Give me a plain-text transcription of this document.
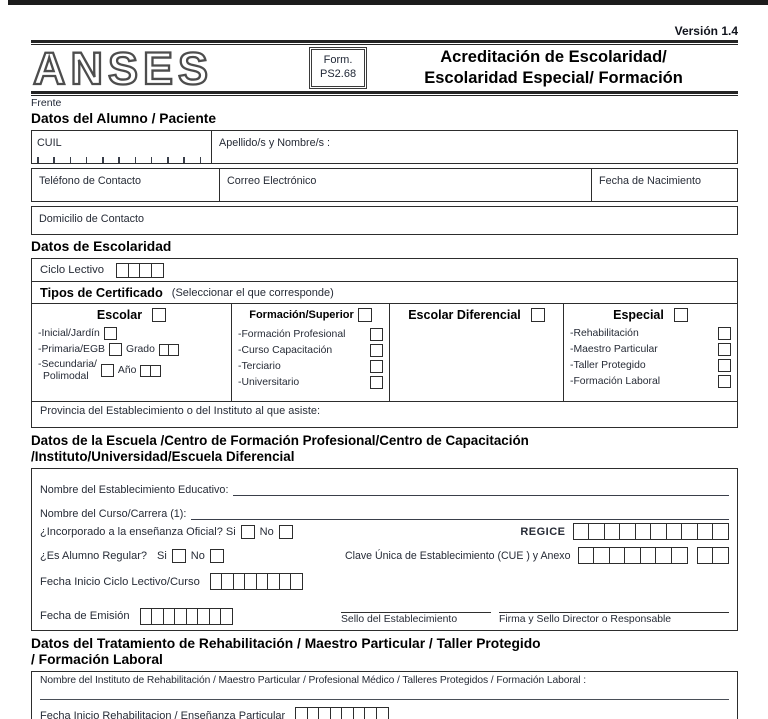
Versión 1.4
ANSES	Form.
PS2.68
Acreditación de Escolaridad/
Escolaridad Especial/ Formación
Frente
Datos del Alumno / Paciente
CUIL	Apellido/s y Nombre/s :
Teléfono de Contacto	Correo Electrónico	Fecha de Nacimiento
Domicilio de Contacto
Datos de Escolaridad
Ciclo Lectivo
Tipos de Certificado (Seleccionar el que corresponde)
Escolar
-Inicial/Jardín
-Primaria/EGB Grado
-Secundaria/
Polimodal	Año
Formación/Superior
-Formación Profesional
-Curso Capacitación
-Terciario
-Universitario
Escolar Diferencial	Especial
-Rehabilitación
-Maestro Particular
-Taller Protegido
-Formación Laboral
Provincia del Establecimiento o del Instituto al que asiste:
Datos de la Escuela /Centro de Formación Profesional/Centro de Capacitación
/Instituto/Universidad/Escuela Diferencial
Nombre del Establecimiento Educativo:
Nombre del Curso/Carrera (1):
¿Incorporado a la enseñanza Oficial? Si No	REGICE
¿Es Alumno Regular? Si No	Clave Única de Establecimiento (CUE ) y Anexo
Fecha Inicio Ciclo Lectivo/Curso
Fecha de Emisión	Sello del Establecimiento	Firma y Sello Director o Responsable
Datos del Tratamiento de Rehabilitación / Maestro Particular / Taller Protegido
/ Formación Laboral
Nombre del Instituto de Rehabilitación / Maestro Particular / Profesional Médico / Talleres Protegidos / Formación Laboral :
Fecha Inicio Rehabilitacion / Enseñanza Particular
